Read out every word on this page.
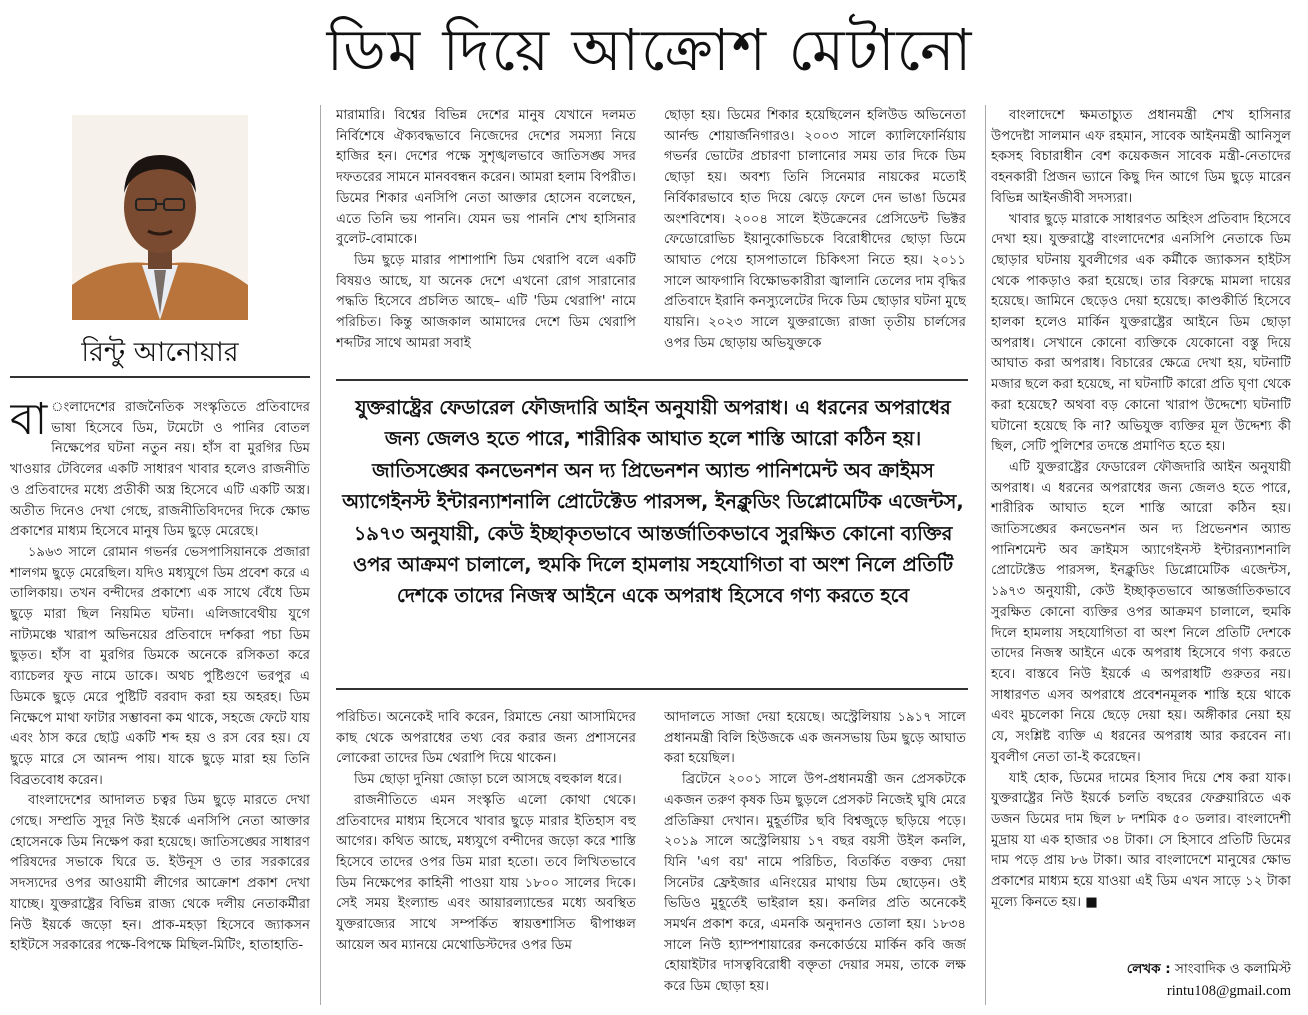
ডিম দিয়ে আক্রোশ মেটানো
রিন্টু আনোয়ার

বা ংলাদেশের রাজনৈতিক সংস্কৃতিতে প্রতিবাদের ভাষা হিসেবে ডিম, টমেটো ও পানির বোতল নিক্ষেপের ঘটনা নতুন নয়। হাঁস বা মুরগির ডিম খাওয়ার টেবিলের একটি সাধারণ খাবার হলেও রাজনীতি ও প্রতিবাদের মধ্যে প্রতীকী অস্ত্র হিসেবে এটি একটি অস্ত্র। অতীত দিনেও দেখা গেছে, রাজনীতিবিদদের দিকে ক্ষোভ প্রকাশের মাধ্যম হিসেবে মানুষ ডিম ছুড়ে মেরেছে।

১৯৬৩ সালে রোমান গভর্নর ভেসপাসিয়ানকে প্রজারা শালগম ছুড়ে মেরেছিল। যদিও মধ্যযুগে ডিম প্রবেশ করে এ তালিকায়। তখন বন্দীদের প্রকাশ্যে এক সাথে বেঁধে ডিম ছুড়ে মারা ছিল নিয়মিত ঘটনা। এলিজাবেথীয় যুগে নাট্যমঞ্চে খারাপ অভিনয়ের প্রতিবাদে দর্শকরা পচা ডিম ছুড়ত। হাঁস বা মুরগির ডিমকে অনেকে রসিকতা করে ব্যাচেলর ফুড নামে ডাকে। অথচ পুষ্টিগুণে ভরপুর এ ডিমকে ছুড়ে মেরে পুষ্টিটি বরবাদ করা হয় অহরহ। ডিম নিক্ষেপে মাথা ফাটার সম্ভাবনা কম থাকে, সহজে ফেটে যায় এবং ঠাস করে ছোট্ট একটি শব্দ হয় ও রস বের হয়। যে ছুড়ে মারে সে আনন্দ পায়। যাকে ছুড়ে মারা হয় তিনি বিব্রতবোধ করেন।

বাংলাদেশের আদালত চত্বর ডিম ছুড়ে মারতে দেখা গেছে। সম্প্রতি সুদূর নিউ ইয়র্কে এনসিপি নেতা আক্তার হোসেনকে ডিম নিক্ষেপ করা হয়েছে। জাতিসঙ্ঘের সাধারণ পরিষদের সভাকে ঘিরে ড. ইউনূস ও তার সরকারের সদস্যদের ওপর আওয়ামী লীগের আক্রোশ প্রকাশ দেখা যাচ্ছে। যুক্তরাষ্ট্রের বিভিন্ন রাজ্য থেকে দলীয় নেতাকর্মীরা নিউ ইয়র্কে জড়ো হন। প্রাক-মহড়া হিসেবে জ্যাকসন হাইটসে সরকারের পক্ষে-বিপক্ষে মিছিল-মিটিং, হাতাহাতি-

মারামারি। বিশ্বের বিভিন্ন দেশের মানুষ যেখানে দলমত নির্বিশেষে ঐক্যবদ্ধভাবে নিজেদের দেশের সমস্যা নিয়ে হাজির হন। দেশের পক্ষে সুশৃঙ্খলভাবে জাতিসঙ্ঘ সদর দফতরের সামনে মানববন্ধন করেন। আমরা হলাম বিপরীত। ডিমের শিকার এনসিপি নেতা আক্তার হোসেন বলেছেন, এতে তিনি ভয় পাননি। যেমন ভয় পাননি শেখ হাসিনার বুলেট-বোমাকে।

ডিম ছুড়ে মারার পাশাপাশি ডিম থেরাপি বলে একটি বিষয়ও আছে, যা অনেক দেশে এখনো রোগ সারানোর পদ্ধতি হিসেবে প্রচলিত আছে– এটি 'ডিম থেরাপি' নামে পরিচিত। কিন্তু আজকাল আমাদের দেশে ডিম থেরাপি শব্দটির সাথে আমরা সবাই

ছোড়া হয়। ডিমের শিকার হয়েছিলেন হলিউড অভিনেতা আর্নল্ড শোয়ার্জনিগারও। ২০০৩ সালে ক্যালিফোর্নিয়ায় গভর্নর ভোটের প্রচারণা চালানোর সময় তার দিকে ডিম ছোড়া হয়। অবশ্য তিনি সিনেমার নায়কের মতোই নির্বিকারভাবে হাত দিয়ে ঝেড়ে ফেলে দেন ভাঙা ডিমের অংশবিশেষ। ২০০৪ সালে ইউক্রেনের প্রেসিডেন্ট ভিক্টর ফেডোরোভিচ ইয়ানুকোভিচকে বিরোধীদের ছোড়া ডিমে আঘাত পেয়ে হাসপাতালে চিকিৎসা নিতে হয়। ২০১১ সালে আফগানি বিক্ষোভকারীরা জ্বালানি তেলের দাম বৃদ্ধির প্রতিবাদে ইরানি কনস্যুলেটের দিকে ডিম ছোড়ার ঘটনা মুছে যায়নি। ২০২৩ সালে যুক্তরাজ্যে রাজা তৃতীয় চার্লসের ওপর ডিম ছোড়ায় অভিযুক্তকে

যুক্তরাষ্ট্রের ফেডারেল ফৌজদারি আইন অনুযায়ী অপরাধ। এ ধরনের অপরাধের জন্য জেলও হতে পারে, শারীরিক আঘাত হলে শাস্তি আরো কঠিন হয়। জাতিসঙ্ঘের কনভেনশন অন দ্য প্রিভেনশন অ্যান্ড পানিশমেন্ট অব ক্রাইমস অ্যাগেইনস্ট ইন্টারন্যাশনালি প্রোটেক্টেড পারসন্স, ইনক্লুডিং ডিপ্লোমেটিক এজেন্টস, ১৯৭৩ অনুযায়ী, কেউ ইচ্ছাকৃতভাবে আন্তর্জাতিকভাবে সুরক্ষিত কোনো ব্যক্তির ওপর আক্রমণ চালালে, হুমকি দিলে হামলায় সহযোগিতা বা অংশ নিলে প্রতিটি দেশকে তাদের নিজস্ব আইনে একে অপরাধ হিসেবে গণ্য করতে হবে

পরিচিত। অনেকেই দাবি করেন, রিমান্ডে নেয়া আসামিদের কাছ থেকে অপরাধের তথ্য বের করার জন্য প্রশাসনের লোকেরা তাদের ডিম থেরাপি দিয়ে থাকেন।

ডিম ছোড়া দুনিয়া জোড়া চলে আসছে বহুকাল ধরে।

রাজনীতিতে এমন সংস্কৃতি এলো কোথা থেকে। প্রতিবাদের মাধ্যম হিসেবে খাবার ছুড়ে মারার ইতিহাস বহু আগের। কথিত আছে, মধ্যযুগে বন্দীদের জড়ো করে শাস্তি হিসেবে তাদের ওপর ডিম মারা হতো। তবে লিখিতভাবে ডিম নিক্ষেপের কাহিনী পাওয়া যায় ১৮০০ সালের দিকে। সেই সময় ইংল্যান্ড এবং আয়ারল্যান্ডের মধ্যে অবস্থিত যুক্তরাজ্যের সাথে সম্পর্কিত স্বায়ত্তশাসিত দ্বীপাঞ্চল আয়েল অব ম্যানয়ে মেথোডিস্টদের ওপর ডিম

আদালতে সাজা দেয়া হয়েছে। অস্ট্রেলিয়ায় ১৯১৭ সালে প্রধানমন্ত্রী বিলি হিউজকে এক জনসভায় ডিম ছুড়ে আঘাত করা হয়েছিল।

ব্রিটেনে ২০০১ সালে উপ-প্রধানমন্ত্রী জন প্রেসকটকে একজন তরুণ কৃষক ডিম ছুড়লে প্রেসকট নিজেই ঘুষি মেরে প্রতিক্রিয়া দেখান। মুহূর্তটির ছবি বিশ্বজুড়ে ছড়িয়ে পড়ে। ২০১৯ সালে অস্ট্রেলিয়ায় ১৭ বছর বয়সী উইল কনলি, যিনি 'এগ বয়' নামে পরিচিত, বিতর্কিত বক্তব্য দেয়া সিনেটর ফ্রেইজার এনিংয়ের মাথায় ডিম ছোড়েন। ওই ভিডিও মুহূর্তেই ভাইরাল হয়। কনলির প্রতি অনেকেই সমর্থন প্রকাশ করে, এমনকি অনুদানও তোলা হয়। ১৮৩৪ সালে নিউ হ্যাম্পশায়ারের কনকোর্ডয়ে মার্কিন কবি জর্জ হোয়াইটার দাসত্ববিরোধী বক্তৃতা দেয়ার সময়, তাকে লক্ষ করে ডিম ছোড়া হয়।

বাংলাদেশে ক্ষমতাচ্যুত প্রধানমন্ত্রী শেখ হাসিনার উপদেষ্টা সালমান এফ রহমান, সাবেক আইনমন্ত্রী আনিসুল হকসহ বিচারাধীন বেশ কয়েকজন সাবেক মন্ত্রী-নেতাদের বহনকারী প্রিজন ভ্যানে কিছু দিন আগে ডিম ছুড়ে মারেন বিভিন্ন আইনজীবী সদস্যরা।

খাবার ছুড়ে মারাকে সাধারণত অহিংস প্রতিবাদ হিসেবে দেখা হয়। যুক্তরাষ্ট্রে বাংলাদেশের এনসিপি নেতাকে ডিম ছোড়ার ঘটনায় যুবলীগের এক কর্মীকে জ্যাকসন হাইটস থেকে পাকড়াও করা হয়েছে। তার বিরুদ্ধে মামলা দায়ের হয়েছে। জামিনে ছেড়েও দেয়া হয়েছে। কাণ্ডকীর্তি হিসেবে হালকা হলেও মার্কিন যুক্তরাষ্ট্রের আইনে ডিম ছোড়া অপরাধ। সেখানে কোনো ব্যক্তিকে যেকোনো বস্তু দিয়ে আঘাত করা অপরাধ। বিচারের ক্ষেত্রে দেখা হয়, ঘটনাটি মজার ছলে করা হয়েছে, না ঘটনাটি কারো প্রতি ঘৃণা থেকে করা হয়েছে? অথবা বড় কোনো খারাপ উদ্দেশ্যে ঘটনাটি ঘটানো হয়েছে কি না? অভিযুক্ত ব্যক্তির মূল উদ্দেশ্য কী ছিল, সেটি পুলিশের তদন্তে প্রমাণিত হতে হয়।

এটি যুক্তরাষ্ট্রের ফেডারেল ফৌজদারি আইন অনুযায়ী অপরাধ। এ ধরনের অপরাধের জন্য জেলও হতে পারে, শারীরিক আঘাত হলে শাস্তি আরো কঠিন হয়। জাতিসঙ্ঘের কনভেনশন অন দ্য প্রিভেনশন অ্যান্ড পানিশমেন্ট অব ক্রাইমস অ্যাগেইনস্ট ইন্টারন্যাশনালি প্রোটেক্টেড পারসন্স, ইনক্লুডিং ডিপ্লোমেটিক এজেন্টস, ১৯৭৩ অনুযায়ী, কেউ ইচ্ছাকৃতভাবে আন্তর্জাতিকভাবে সুরক্ষিত কোনো ব্যক্তির ওপর আক্রমণ চালালে, হুমকি দিলে হামলায় সহযোগিতা বা অংশ নিলে প্রতিটি দেশকে তাদের নিজস্ব আইনে একে অপরাধ হিসেবে গণ্য করতে হবে। বাস্তবে নিউ ইয়র্কে এ অপরাধটি গুরুতর নয়। সাধারণত এসব অপরাধে প্রবেশনমূলক শাস্তি হয়ে থাকে এবং মুচলেকা নিয়ে ছেড়ে দেয়া হয়। অঙ্গীকার নেয়া হয় যে, সংশ্লিষ্ট ব্যক্তি এ ধরনের অপরাধ আর করবেন না। যুবলীগ নেতা তা-ই করেছেন।

যাই হোক, ডিমের দামের হিসাব দিয়ে শেষ করা যাক। যুক্তরাষ্ট্রের নিউ ইয়র্কে চলতি বছরের ফেব্রুয়ারিতে এক ডজন ডিমের দাম ছিল ৮ দশমিক ৫০ ডলার। বাংলাদেশী মুদ্রায় যা এক হাজার ৩৪ টাকা। সে হিসাবে প্রতিটি ডিমের দাম পড়ে প্রায় ৮৬ টাকা। আর বাংলাদেশে মানুষের ক্ষোভ প্রকাশের মাধ্যম হয়ে যাওয়া এই ডিম এখন সাড়ে ১২ টাকা মূল্যে কিনতে হয়। ■

লেখক : সাংবাদিক ও কলামিস্ট
rintu108@gmail.com
